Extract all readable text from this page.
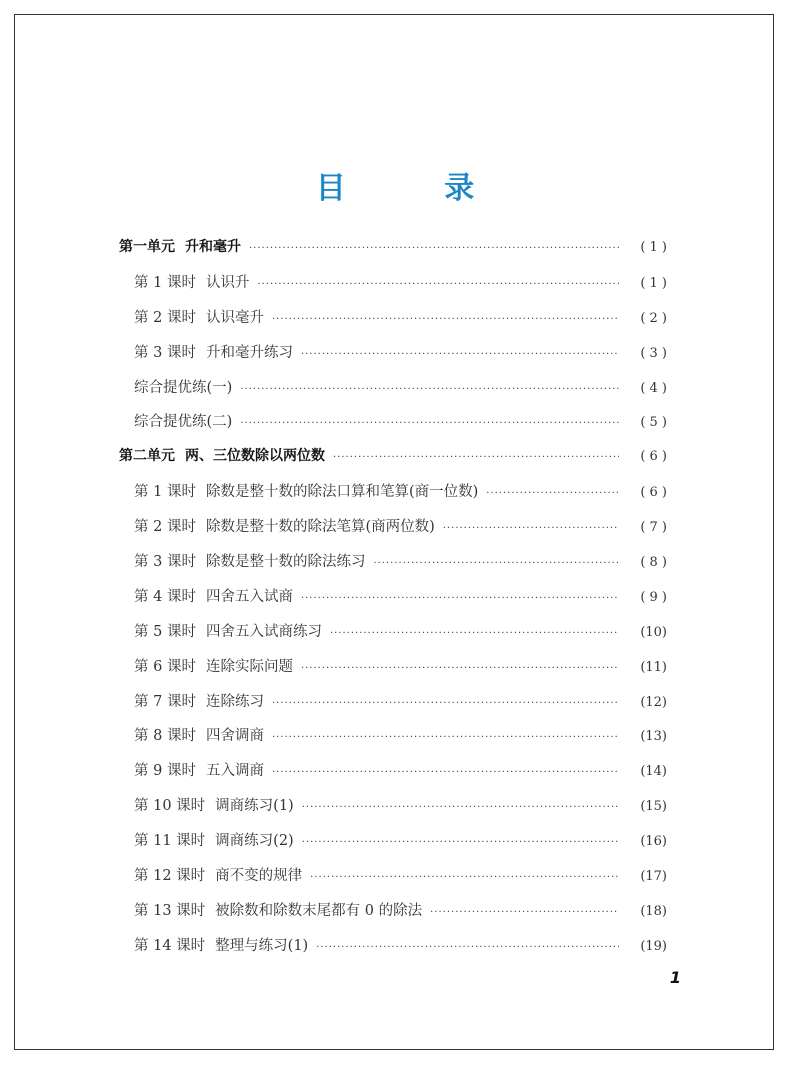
目 录
第一单元 升和毫升 ·····	( 1 )
第 1 课时 认识升 ·····	( 1 )
第 2 课时 认识毫升 ·····	( 2 )
第 3 课时 升和毫升练习 ·····	( 3 )
综合提优练(一) ·····	( 4 )
综合提优练(二) ·····	( 5 )
第二单元 两、三位数除以两位数 ·····	( 6 )
第 1 课时 除数是整十数的除法口算和笔算(商一位数) ·····	( 6 )
第 2 课时 除数是整十数的除法笔算(商两位数) ·····	( 7 )
第 3 课时 除数是整十数的除法练习 ·····	( 8 )
第 4 课时 四舍五入试商 ·····	( 9 )
第 5 课时 四舍五入试商练习 ·····	(10)
第 6 课时 连除实际问题 ·····	(11)
第 7 课时 连除练习 ·····	(12)
第 8 课时 四舍调商 ·····	(13)
第 9 课时 五入调商 ·····	(14)
第 10 课时 调商练习(1) ·····	(15)
第 11 课时 调商练习(2) ·····	(16)
第 12 课时 商不变的规律 ·····	(17)
第 13 课时 被除数和除数末尾都有 0 的除法 ·····	(18)
第 14 课时 整理与练习(1) ·····	(19)
1
